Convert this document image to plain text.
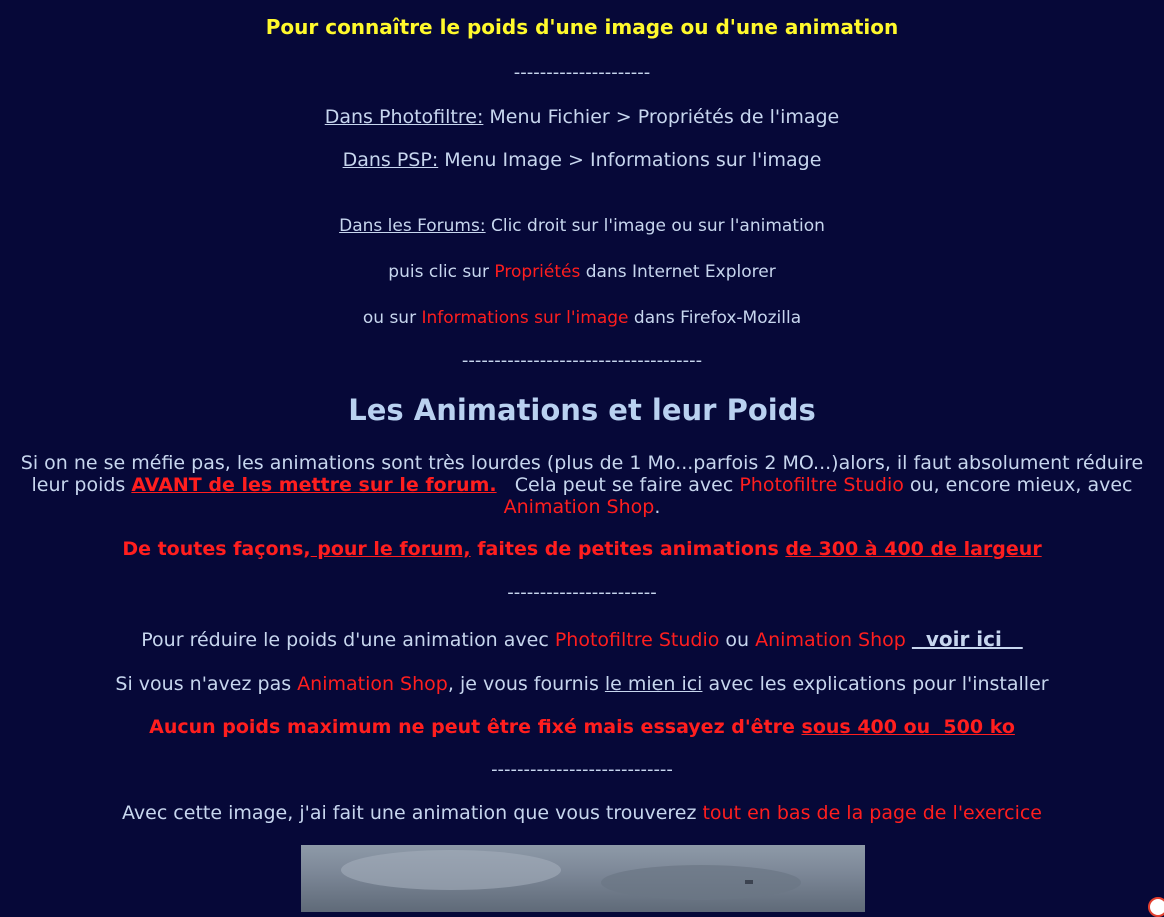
Pour connaître le poids d'une image ou d'une animation
---------------------
Dans Photofiltre: Menu Fichier > Propriétés de l'image
Dans PSP: Menu Image > Informations sur l'image
Dans les Forums: Clic droit sur l'image ou sur l'animation
puis clic sur Propriétés dans Internet Explorer
ou sur Informations sur l'image dans Firefox-Mozilla
-------------------------------------
Les Animations et leur Poids
Si on ne se méfie pas, les animations sont très lourdes (plus de 1 Mo...parfois 2 MO...)alors, il faut absolument réduire leur poids AVANT de les mettre sur le forum.   Cela peut se faire avec Photofiltre Studio ou, encore mieux, avec Animation Shop.
De toutes façons, pour le forum, faites de petites animations de 300 à 400 de largeur
-----------------------
Pour réduire le poids d'une animation avec Photofiltre Studio ou Animation Shop   voir ici
Si vous n'avez pas Animation Shop, je vous fournis le mien ici avec les explications pour l'installer
Aucun poids maximum ne peut être fixé mais essayez d'être sous 400 ou  500 ko
----------------------------
Avec cette image, j'ai fait une animation que vous trouverez tout en bas de la page de l'exercice
